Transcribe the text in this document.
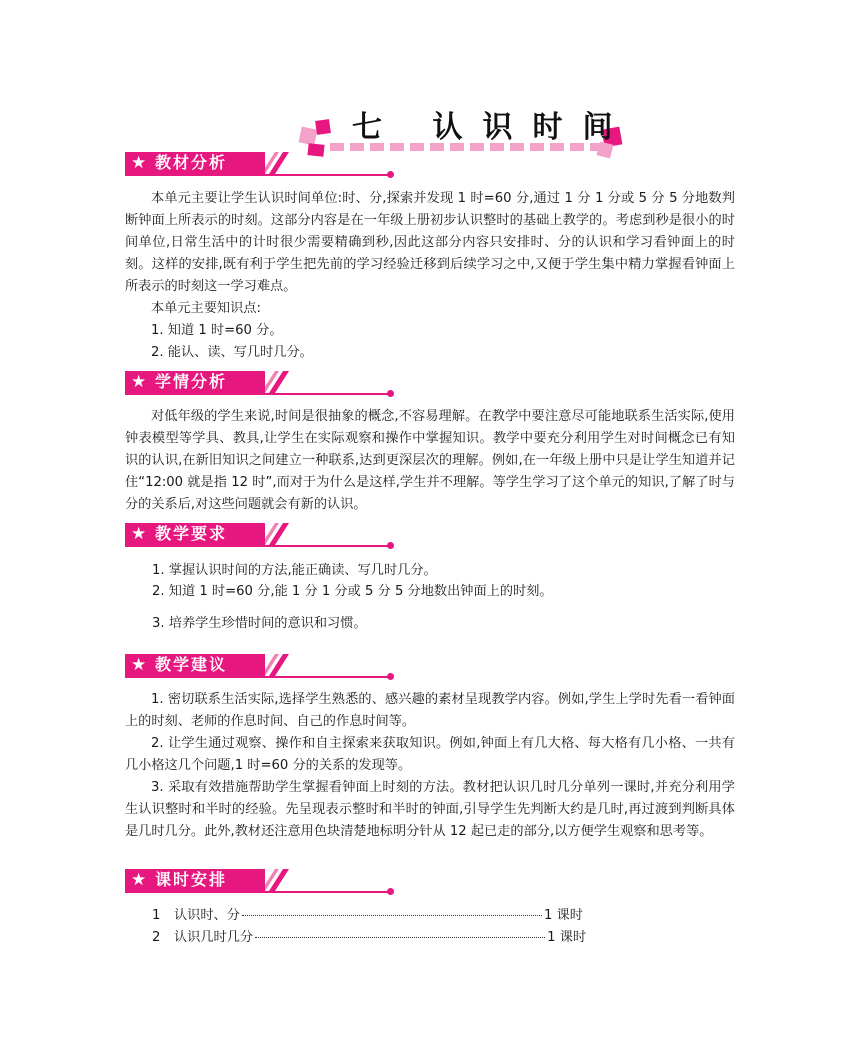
七 认识时间
★ 教材分析

本单元主要让学生认识时间单位:时、分,探索并发现 1 时=60 分,通过 1 分 1 分或 5 分 5 分地数判断钟面上所表示的时刻。这部分内容是在一年级上册初步认识整时的基础上教学的。考虑到秒是很小的时间单位,日常生活中的计时很少需要精确到秒,因此这部分内容只安排时、分的认识和学习看钟面上的时刻。这样的安排,既有利于学生把先前的学习经验迁移到后续学习之中,又便于学生集中精力掌握看钟面上所表示的时刻这一学习难点。

本单元主要知识点:

1. 知道 1 时=60 分。

2. 能认、读、写几时几分。

★ 学情分析

对低年级的学生来说,时间是很抽象的概念,不容易理解。在教学中要注意尽可能地联系生活实际,使用钟表模型等学具、教具,让学生在实际观察和操作中掌握知识。教学中要充分利用学生对时间概念已有知识的认识,在新旧知识之间建立一种联系,达到更深层次的理解。例如,在一年级上册中只是让学生知道并记住“12:00 就是指 12 时”,而对于为什么是这样,学生并不理解。等学生学习了这个单元的知识,了解了时与分的关系后,对这些问题就会有新的认识。

★ 教学要求

1. 掌握认识时间的方法,能正确读、写几时几分。

2. 知道 1 时=60 分,能 1 分 1 分或 5 分 5 分地数出钟面上的时刻。

3. 培养学生珍惜时间的意识和习惯。

★ 教学建议

1. 密切联系生活实际,选择学生熟悉的、感兴趣的素材呈现教学内容。例如,学生上学时先看一看钟面上的时刻、老师的作息时间、自己的作息时间等。

2. 让学生通过观察、操作和自主探索来获取知识。例如,钟面上有几大格、每大格有几小格、一共有几小格这几个问题,1 时=60 分的关系的发现等。

3. 采取有效措施帮助学生掌握看钟面上时刻的方法。教材把认识几时几分单列一课时,并充分利用学生认识整时和半时的经验。先呈现表示整时和半时的钟面,引导学生先判断大约是几时,再过渡到判断具体是几时几分。此外,教材还注意用色块清楚地标明分针从 12 起已走的部分,以方便学生观察和思考等。

★ 课时安排
1 认识时、分	1 课时
2 认识几时几分	1 课时
